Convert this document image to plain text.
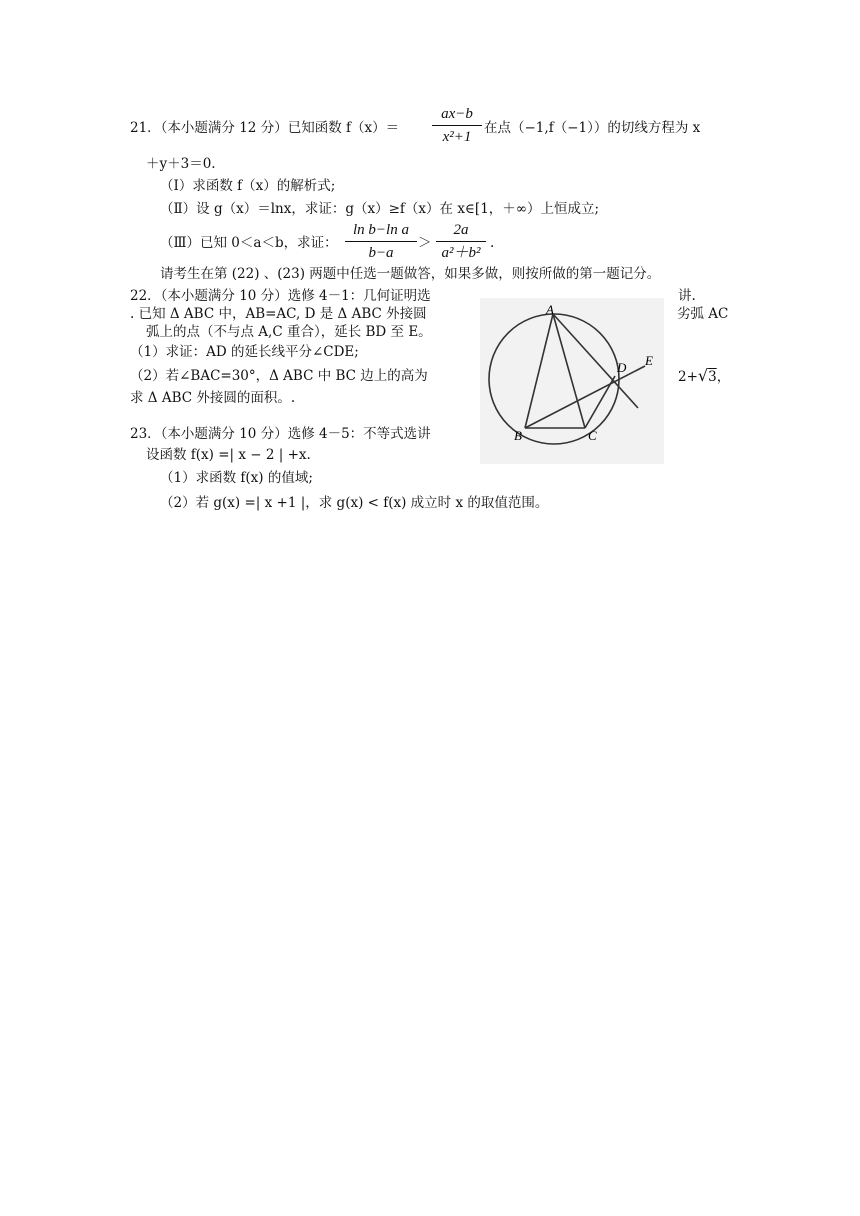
21．（本小题满分 12 分）已知函数 f（x）＝
ax−b
x²+1
在点（−1,f（−1））的切线方程为 x
＋y＋3＝0.
（Ⅰ）求函数 f（x）的解析式;
（Ⅱ）设 g（x）＝lnx，求证：g（x）≥f（x）在 x∈[1，＋∞）上恒成立;
（Ⅲ）已知 0＜a＜b，求证：
ln b−ln a
b−a
＞
2a
a²＋b²
.
请考生在第 (22) 、(23) 两题中任选一题做答，如果多做，则按所做的第一题记分。
22．（本小题满分 10 分）选修 4－1：几何证明选	讲.
. 已知 Δ ABC 中，AB=AC, D 是 Δ ABC 外接圆	劣弧 AC
弧上的点（不与点 A,C 重合），延长 BD 至 E。
（1）求证：AD 的延长线平分∠CDE;
（2）若∠BAC=30°，Δ ABC 中 BC 边上的高为	2+√3，
求 Δ ABC 外接圆的面积。.
A
B	C
D E
23．（本小题满分 10 分）选修 4－5：不等式选讲
设函数 f(x) =| x − 2 | +x.
（1）求函数 f(x) 的值域;
（2）若 g(x) =| x +1 |，求 g(x) < f(x) 成立时 x 的取值范围。
